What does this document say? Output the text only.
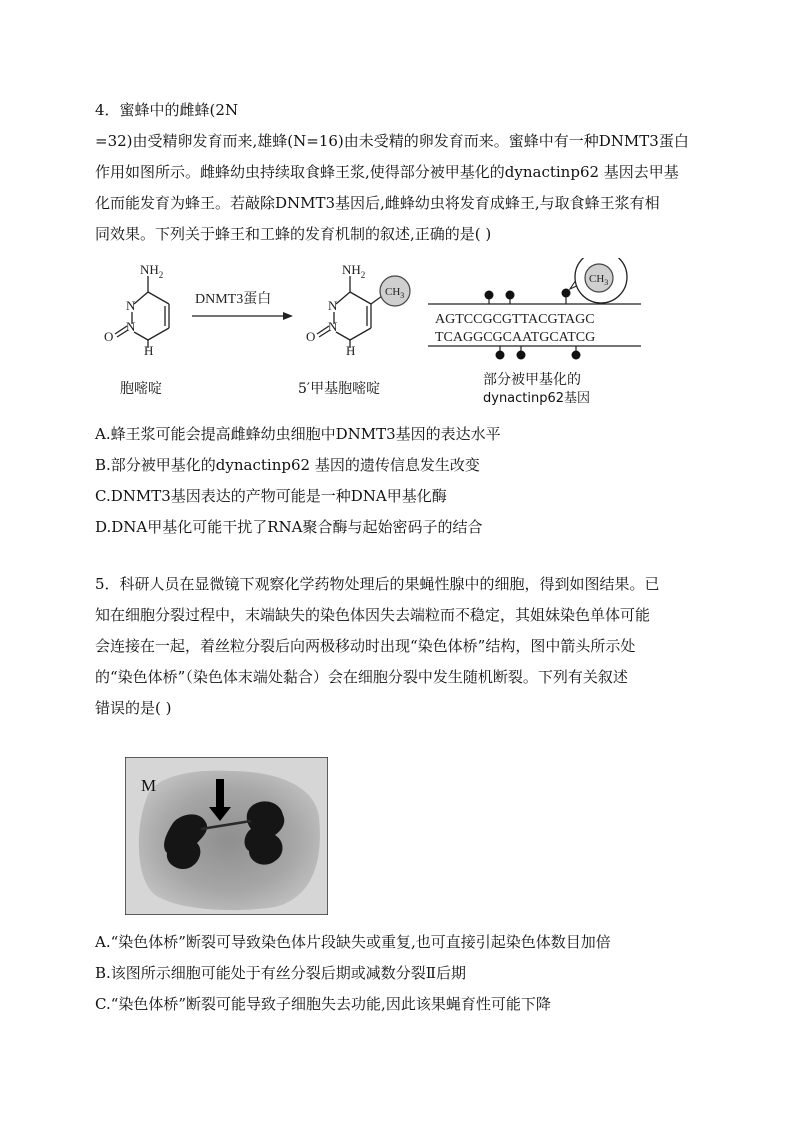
4．蜜蜂中的雌蜂(2N
=32)由受精卵发育而来,雄蜂(N=16)由未受精的卵发育而来。蜜蜂中有一种DNMT3蛋白
作用如图所示。雌蜂幼虫持续取食蜂王浆,使得部分被甲基化的dynactinp62 基因去甲基
化而能发育为蜂王。若敲除DNMT3基因后,雌蜂幼虫将发育成蜂王,与取食蜂王浆有相
同效果。下列关于蜂王和工蜂的发育机制的叙述,正确的是( )
$NH_2$
N
N
O
H
DNMT3蛋白	$CH_3$
$NH_2$
N
N
O
H
AGTCCGCGTTACGTAGC
TCAGGCGCAATGCATCG
$CH_3$
胞嘧啶	5′甲基胞嘧啶
部分被甲基化的
dynactinp62基因
A.蜂王浆可能会提高雌蜂幼虫细胞中DNMT3基因的表达水平
B.部分被甲基化的dynactinp62 基因的遗传信息发生改变
C.DNMT3基因表达的产物可能是一种DNA甲基化酶
D.DNA甲基化可能干扰了RNA聚合酶与起始密码子的结合
5．科研人员在显微镜下观察化学药物处理后的果蝇性腺中的细胞，得到如图结果。已
知在细胞分裂过程中，末端缺失的染色体因失去端粒而不稳定，其姐妹染色单体可能
会连接在一起，着丝粒分裂后向两极移动时出现“染色体桥”结构，图中箭头所示处
的“染色体桥”（染色体末端处黏合）会在细胞分裂中发生随机断裂。下列有关叙述
错误的是( )
M
A.“染色体桥”断裂可导致染色体片段缺失或重复,也可直接引起染色体数目加倍
B.该图所示细胞可能处于有丝分裂后期或减数分裂Ⅱ后期
C.“染色体桥”断裂可能导致子细胞失去功能,因此该果蝇育性可能下降
